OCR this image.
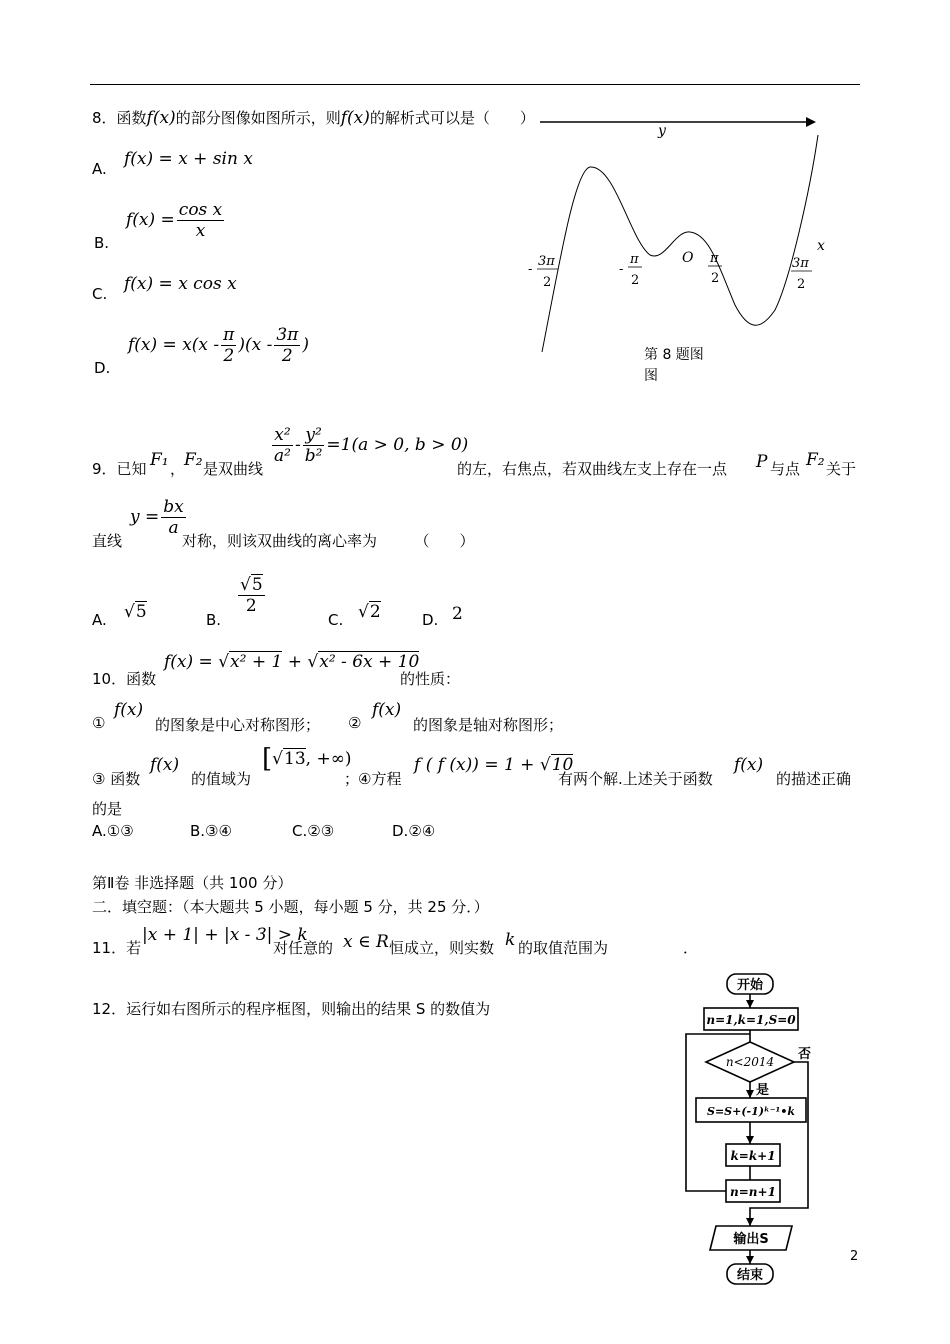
8．函数f(x)的部分图像如图所示，则f(x)的解析式可以是（　　）
A. f(x) = x + sin x
B.
$f(x) = \frac{\text{cos x}}{x}$
C. f(x) = x cos x
D.
$f(x) = x(x - \frac{\pi}{2} )(x - \frac{3\pi}{2}$ )
y
x
O
-
3π
2
-
π
2
π
2
3π
2
第 8 题图
图
9．已知 F₁ ，
F₂ 是双曲线
$\frac{\text{x²}}{\text{a²}} - \frac{\text{y²}}{\text{b²}} =1(a > 0$, b > 0)
的左，右焦点，若双曲线左支上存在一点 P 与点 F₂ 关于
直线
$y = \frac{bx}{a}$
对称，则该双曲线的离心率为　　　（　　）
A. √5	B.
$\frac{√5}{2}$
C. √2	D. 2
10．函数
f(x) = √x² + 1 + √x² - 6x + 10
的性质：
①
f(x)
的图象是中心对称图形； ②
f(x)
的图象是轴对称图形；
③ 函数
f(x)
的值域为
[√13, +∞)
；
④方程
f ( f (x)) = 1 + √10
有两个解.上述关于函数
f(x)
的描述正确
的是
A.①③	B.③④	C.②③	D.②④
第Ⅱ卷 非选择题（共 100 分）
二．填空题：（本大题共 5 小题，每小题 5 分，共 25 分．）
11．若
|x + 1| + |x - 3| > k
对任意的 x ∈ R 恒成立，则实数 k 的取值范围为　　　　　．
12．运行如右图所示的程序框图，则输出的结果 S 的数值为
开始
n=1,k=1,S=0
n<2014 否
是
S=S+(-1)ᵏ⁻¹•k
k=k+1
n=n+1
输出S
结束
2
